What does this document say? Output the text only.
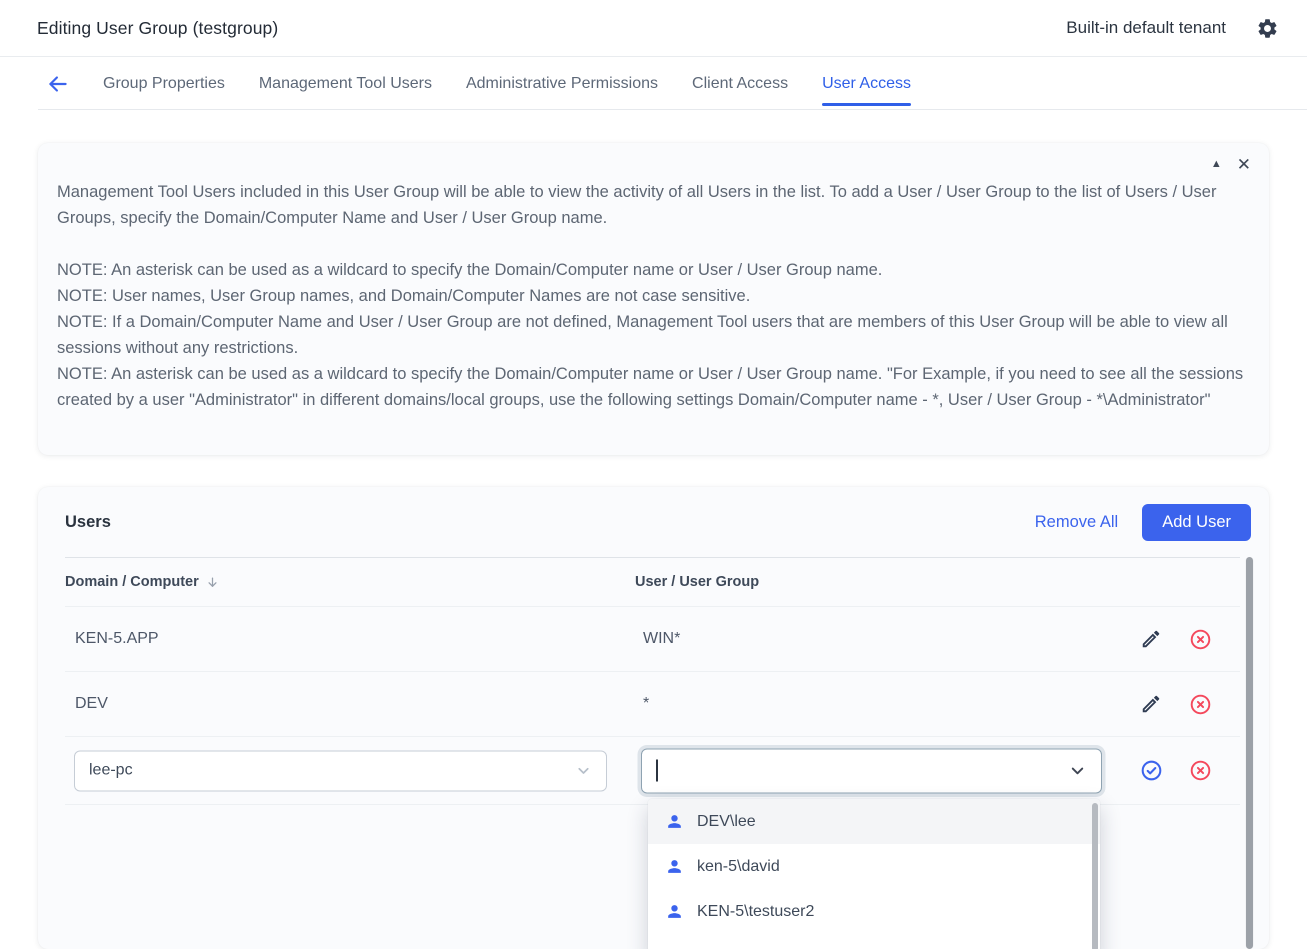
Editing User Group (testgroup)	Built-in default tenant
Group Properties Management Tool Users Administrative Permissions Client Access User Access
▲ ✕

Management Tool Users included in this User Group will be able to view the activity of all Users in the list. To add a User / User Group to the list of Users / User Groups, specify the Domain/Computer Name and User / User Group name.

NOTE: An asterisk can be used as a wildcard to specify the Domain/Computer name or User / User Group name.

NOTE: User names, User Group names, and Domain/Computer Names are not case sensitive.

NOTE: If a Domain/Computer Name and User / User Group are not defined, Management Tool users that are members of this User Group will be able to view all sessions without any restrictions.

NOTE: An asterisk can be used as a wildcard to specify the Domain/Computer name or User / User Group name. "For Example, if you need to see all the sessions created by a user "Administrator" in different domains/local groups, use the following settings Domain/Computer name - *, User / User Group - *\Administrator"

Users	Remove All	Add User
Domain / Computer	User / User Group
KEN-5.APP	WIN*
DEV	*
lee-pc
DEV\lee
ken-5\david
KEN-5\testuser2
